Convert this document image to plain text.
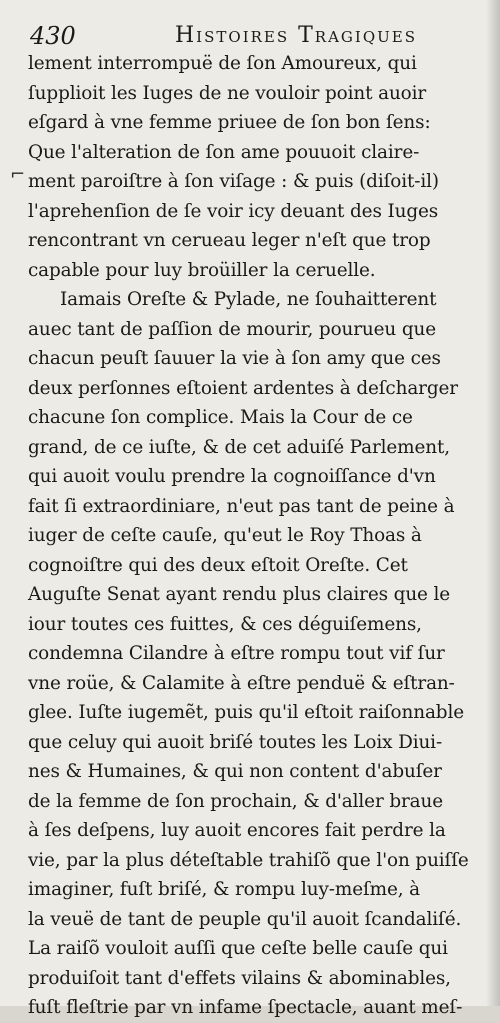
430	Histoires Tragiques
⌐
lement interrompuë de ſon Amoureux, qui
ſupplioit les Iuges de ne vouloir point auoir
eſgard à vne femme priuee de ſon bon ſens:
Que l'alteration de ſon ame pouuoit claire-
ment paroiſtre à ſon viſage : & puis (diſoit-il)
l'aprehenſion de ſe voir icy deuant des Iuges
rencontrant vn cerueau leger n'eſt que trop
capable pour luy broüiller la ceruelle.
Iamais Oreſte & Pylade, ne ſouhaitterent
auec tant de paſſion de mourir, pourueu que
chacun peuſt ſauuer la vie à ſon amy que ces
deux perſonnes eſtoient ardentes à deſcharger
chacune ſon complice. Mais la Cour de ce
grand, de ce iuſte, & de cet aduiſé Parlement,
qui auoit voulu prendre la cognoiſſance d'vn
fait ſi extraordiniare, n'eut pas tant de peine à
iuger de ceſte cauſe, qu'eut le Roy Thoas à
cognoiſtre qui des deux eſtoit Oreſte. Cet
Auguſte Senat ayant rendu plus claires que le
iour toutes ces fuittes, & ces déguiſemens,
condemna Cilandre à eſtre rompu tout vif ſur
vne roüe, & Calamite à eſtre penduë & eſtran-
glee. Iuſte iugemẽt, puis qu'il eſtoit raiſonnable
que celuy qui auoit briſé toutes les Loix Diui-
nes & Humaines, & qui non content d'abuſer
de la femme de ſon prochain, & d'aller braue
à ſes deſpens, luy auoit encores fait perdre la
vie, par la plus déteſtable trahiſõ que l'on puiſſe
imaginer, fuſt briſé, & rompu luy-meſme, à
la veuë de tant de peuple qu'il auoit ſcandaliſé.
La raiſõ vouloit auſſi que ceſte belle cauſe qui
produiſoit tant d'effets vilains & abominables,
fuſt fleſtrie par vn infame ſpectacle, auant meſ-
